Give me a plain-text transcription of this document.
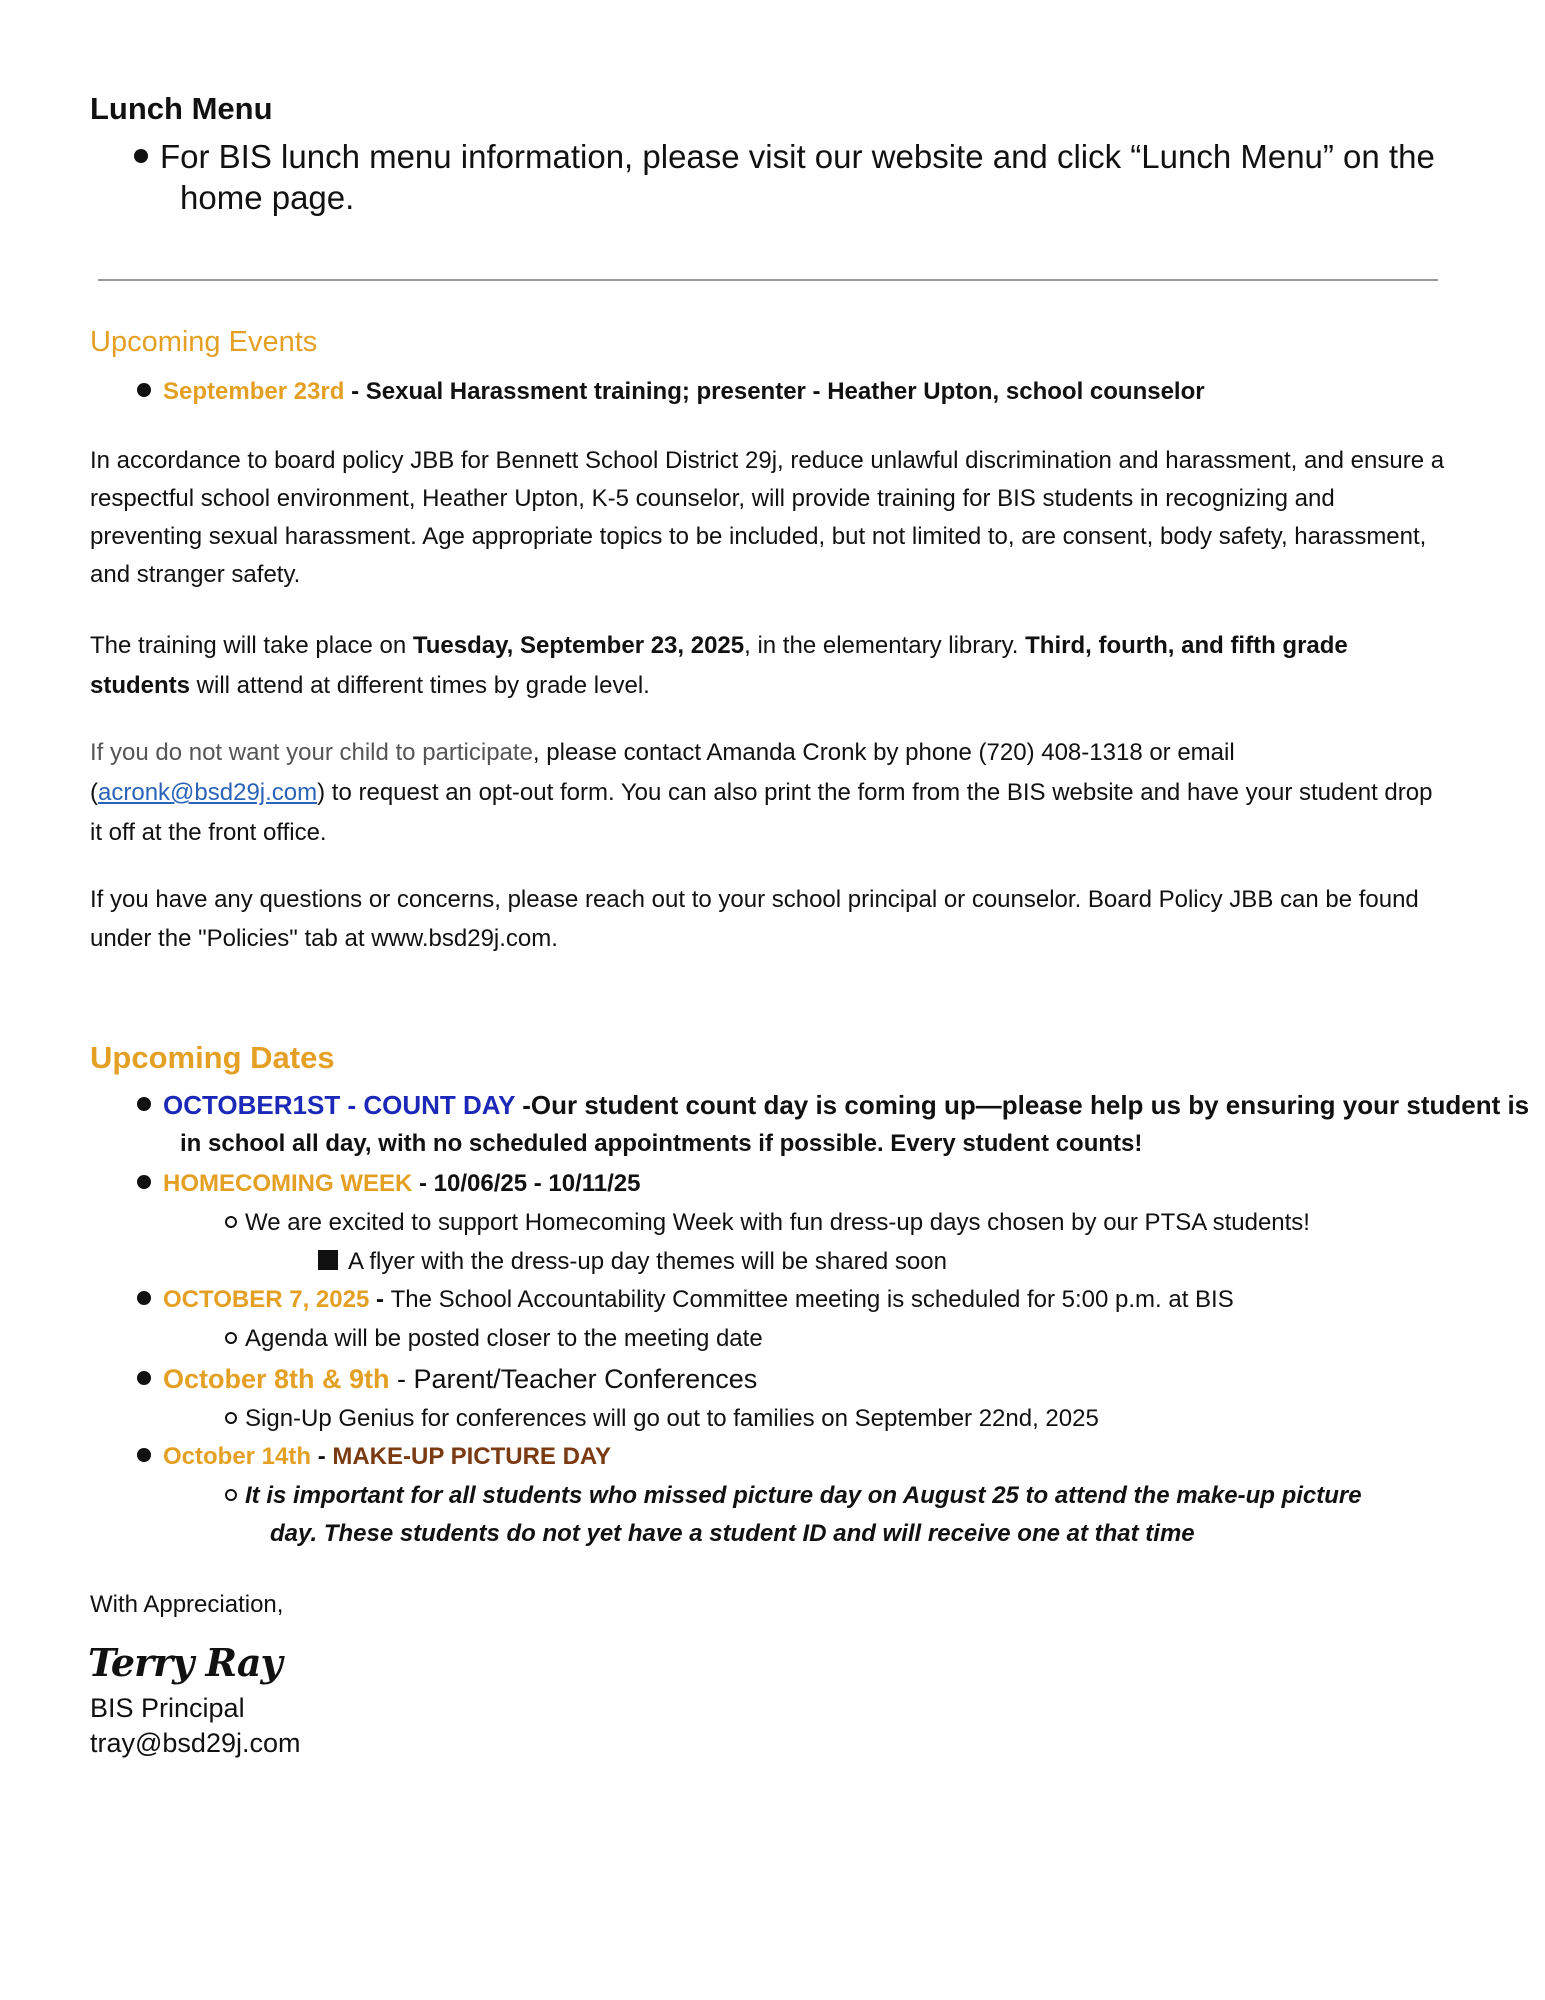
Lunch Menu
For BIS lunch menu information, please visit our website and click “Lunch Menu” on the
home page.
Upcoming Events
September 23rd - Sexual Harassment training; presenter - Heather Upton, school counselor
In accordance to board policy JBB for Bennett School District 29j, reduce unlawful discrimination and harassment, and ensure a respectful school environment, Heather Upton, K-5 counselor, will provide training for BIS students in recognizing and preventing sexual harassment. Age appropriate topics to be included, but not limited to, are consent, body safety, harassment, and stranger safety.
The training will take place on Tuesday, September 23, 2025, in the elementary library. Third, fourth, and fifth grade students will attend at different times by grade level.
If you do not want your child to participate, please contact Amanda Cronk by phone (720) 408-1318 or email (acronk@bsd29j.com) to request an opt-out form. You can also print the form from the BIS website and have your student drop it off at the front office.
If you have any questions or concerns, please reach out to your school principal or counselor. Board Policy JBB can be found under the "Policies" tab at www.bsd29j.com.
Upcoming Dates
OCTOBER1ST - COUNT DAY -Our student count day is coming up—please help us by ensuring your student is
in school all day, with no scheduled appointments if possible. Every student counts!
HOMECOMING WEEK - 10/06/25 - 10/11/25
We are excited to support Homecoming Week with fun dress-up days chosen by our PTSA students!
A flyer with the dress-up day themes will be shared soon
OCTOBER 7, 2025 - The School Accountability Committee meeting is scheduled for 5:00 p.m. at BIS
Agenda will be posted closer to the meeting date
October 8th & 9th - Parent/Teacher Conferences
Sign-Up Genius for conferences will go out to families on September 22nd, 2025
October 14th - MAKE-UP PICTURE DAY
It is important for all students who missed picture day on August 25 to attend the make-up picture
day. These students do not yet have a student ID and will receive one at that time
With Appreciation,
Terry Ray
BIS Principal
tray@bsd29j.com
